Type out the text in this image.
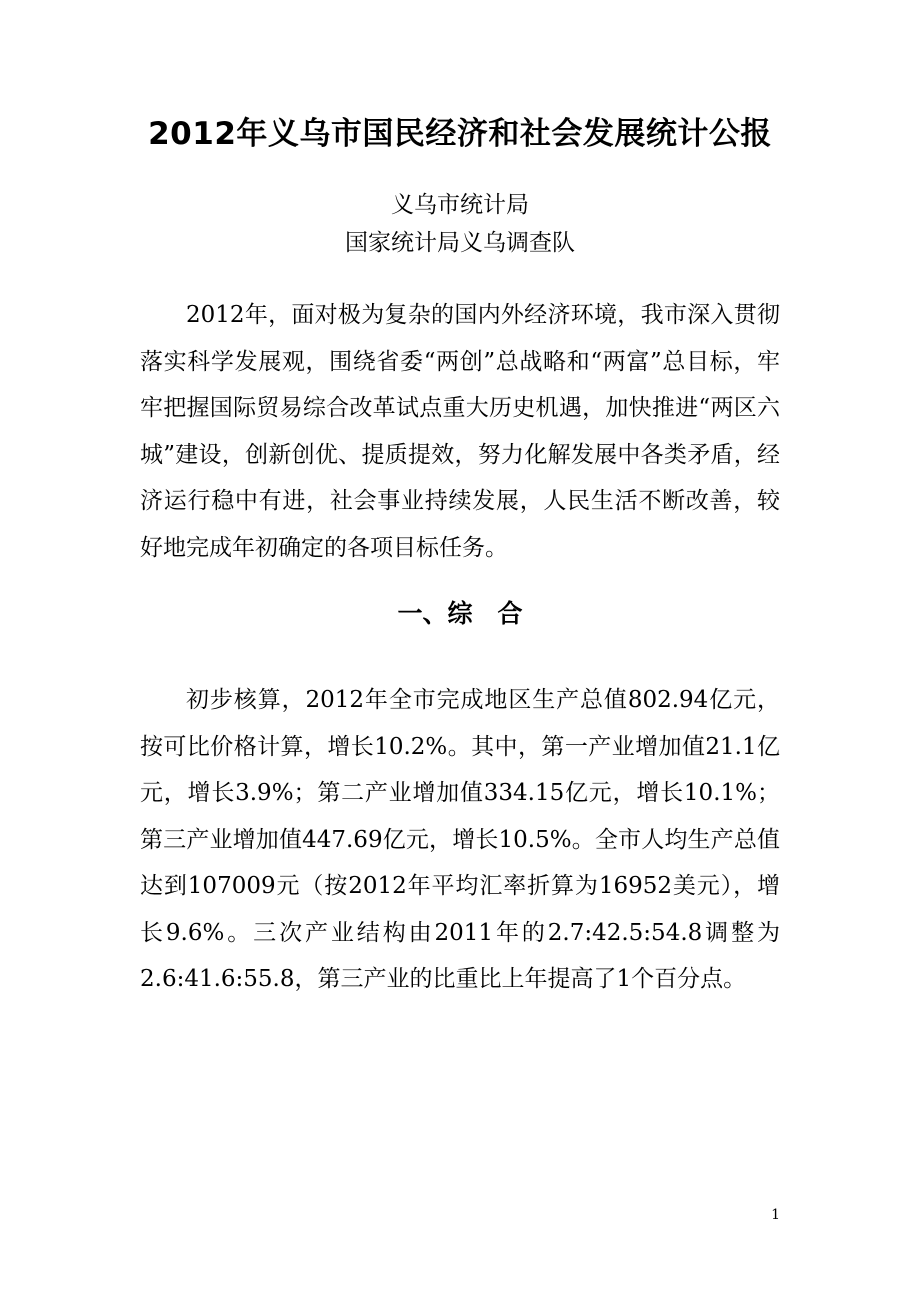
2012年义乌市国民经济和社会发展统计公报

义乌市统计局

国家统计局义乌调查队

2012年，面对极为复杂的国内外经济环境，我市深入贯彻落实科学发展观，围绕省委“两创”总战略和“两富”总目标，牢牢把握国际贸易综合改革试点重大历史机遇，加快推进“两区六城”建设，创新创优、提质提效，努力化解发展中各类矛盾，经济运行稳中有进，社会事业持续发展，人民生活不断改善，较好地完成年初确定的各项目标任务。

一、综　合

初步核算，2012年全市完成地区生产总值802.94亿元，按可比价格计算，增长10.2%。其中，第一产业增加值21.1亿元，增长3.9%；第二产业增加值334.15亿元，增长10.1%；第三产业增加值447.69亿元，增长10.5%。全市人均生产总值达到107009元（按2012年平均汇率折算为16952美元），增长9.6%。三次产业结构由2011年的2.7:42.5:54.8调整为2.6:41.6:55.8，第三产业的比重比上年提高了1个百分点。

1
